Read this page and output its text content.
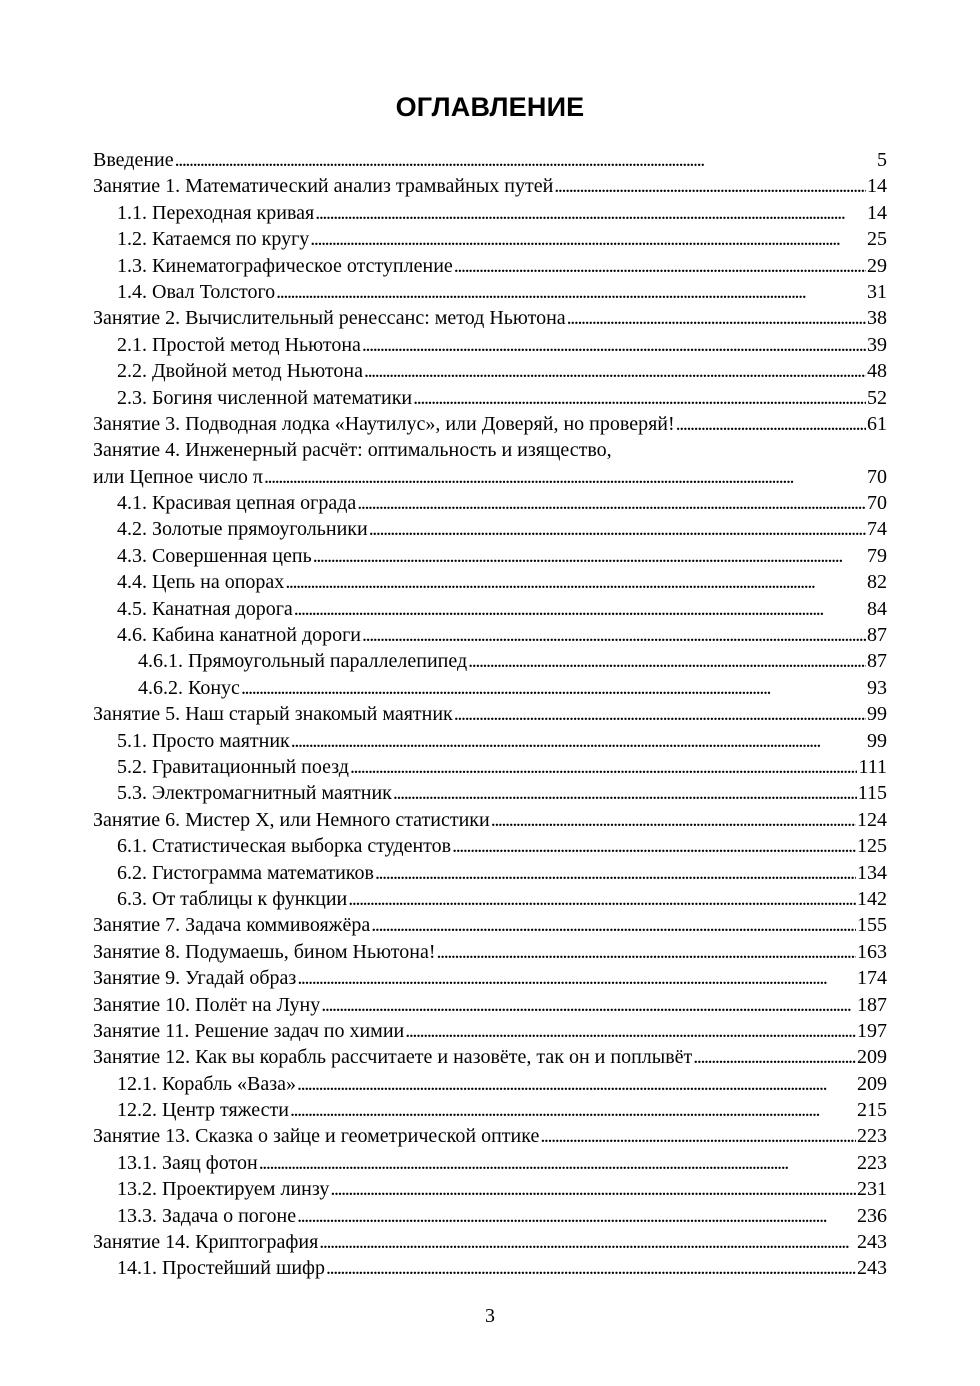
ОГЛАВЛЕНИЕ
Введение . . .	5
Занятие 1. Математический анализ трамвайных путей . . .	14
1.1. Переходная кривая . . .	14
1.2. Катаемся по кругу . . .	25
1.3. Кинематографическое отступление . . .	29
1.4. Овал Толстого . . .	31
Занятие 2. Вычислительный ренессанс: метод Ньютона . . .	38
2.1. Простой метод Ньютона . . .	39
2.2. Двойной метод Ньютона . . .	48
2.3. Богиня численной математики . . .	52
Занятие 3. Подводная лодка «Наутилус», или Доверяй, но проверяй! . . .	61
Занятие 4. Инженерный расчёт: оптимальность и изящество,
или Цепное число π . . .	70
4.1. Красивая цепная ограда . . .	70
4.2. Золотые прямоугольники . . .	74
4.3. Совершенная цепь . . .	79
4.4. Цепь на опорах . . .	82
4.5. Канатная дорога . . .	84
4.6. Кабина канатной дороги . . .	87
4.6.1. Прямоугольный параллелепипед . . .	87
4.6.2. Конус . . .	93
Занятие 5. Наш старый знакомый маятник . . .	99
5.1. Просто маятник . . .	99
5.2. Гравитационный поезд . . .	111
5.3. Электромагнитный маятник . . .	115
Занятие 6. Мистер X, или Немного статистики . . .	124
6.1. Статистическая выборка студентов . . .	125
6.2. Гистограмма математиков . . .	134
6.3. От таблицы к функции . . .	142
Занятие 7. Задача коммивояжёра . . .	155
Занятие 8. Подумаешь, бином Ньютона! . . .	163
Занятие 9. Угадай образ . . .	174
Занятие 10. Полёт на Луну . . .	187
Занятие 11. Решение задач по химии . . .	197
Занятие 12. Как вы корабль рассчитаете и назовёте, так он и поплывёт . . .	209
12.1. Корабль «Ваза» . . .	209
12.2. Центр тяжести . . .	215
Занятие 13. Сказка о зайце и геометрической оптике . . .	223
13.1. Заяц фотон . . .	223
13.2. Проектируем линзу . . .	231
13.3. Задача о погоне . . .	236
Занятие 14. Криптография . . .	243
14.1. Простейший шифр . . .	243
3
